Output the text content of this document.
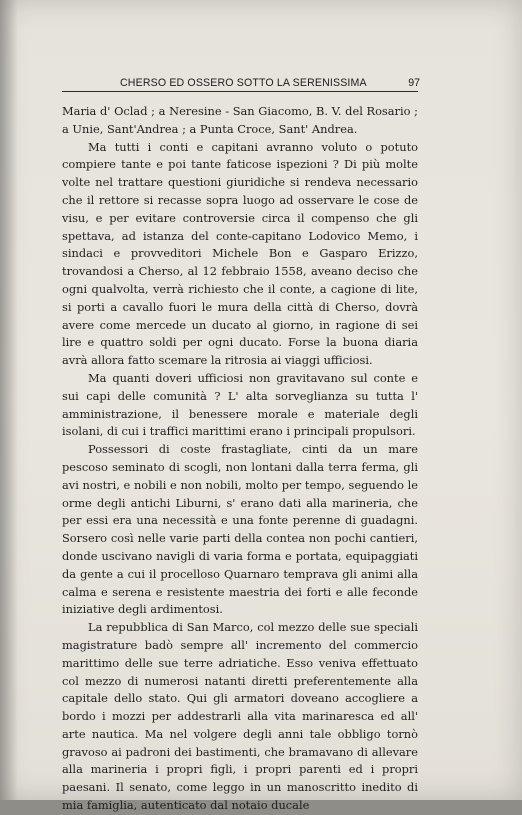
CHERSO ED OSSERO SOTTO LA SERENISSIMA	97

Maria d' Oclad ; a Neresine - San Giacomo, B. V. del Rosario ; a Unie, Sant'Andrea ; a Punta Croce, Sant' Andrea.

Ma tutti i conti e capitani avranno voluto o potuto compiere tante e poi tante faticose ispezioni ? Di più molte volte nel trattare questioni giuridiche si rendeva necessario che il rettore si recasse sopra luogo ad osservare le cose de visu, e per evitare controversie circa il compenso che gli spettava, ad istanza del conte-capitano Lodovico Memo, i sindaci e provveditori Michele Bon e Gasparo Erizzo, trovandosi a Cherso, al 12 febbraio 1558, aveano deciso che ogni qualvolta, verrà richiesto che il conte, a cagione di lite, si porti a cavallo fuori le mura della città di Cherso, dovrà avere come mercede un ducato al giorno, in ragione di sei lire e quattro soldi per ogni ducato. Forse la buona diaria avrà allora fatto scemare la ritrosia ai viaggi ufficiosi.

Ma quanti doveri ufficiosi non gravitavano sul conte e sui capi delle comunità ? L' alta sorveglianza su tutta l' amministrazione, il benessere morale e materiale degli isolani, di cui i traffici marittimi erano i principali propulsori.

Possessori di coste frastagliate, cinti da un mare pescoso seminato di scogli, non lontani dalla terra ferma, gli avi nostri, e nobili e non nobili, molto per tempo, seguendo le orme degli antichi Liburni, s' erano dati alla marineria, che per essi era una necessità e una fonte perenne di guadagni. Sorsero così nelle varie parti della contea non pochi cantieri, donde uscivano navigli di varia forma e portata, equipaggiati da gente a cui il procelloso Quarnaro temprava gli animi alla calma e serena e resistente maestria dei forti e alle feconde iniziative degli ardimentosi.

La repubblica di San Marco, col mezzo delle sue speciali magistrature badò sempre all' incremento del commercio marittimo delle sue terre adriatiche. Esso veniva effettuato col mezzo di numerosi natanti diretti preferentemente alla capitale dello stato. Qui gli armatori doveano accogliere a bordo i mozzi per addestrarli alla vita marinaresca ed all' arte nautica. Ma nel volgere degli anni tale obbligo tornò gravoso ai padroni dei bastimenti, che bramavano di allevare alla marineria i propri figli, i propri parenti ed i propri paesani. Il senato, come leggo in un manoscritto inedito di mia famiglia, autenticato dal notaio ducale
